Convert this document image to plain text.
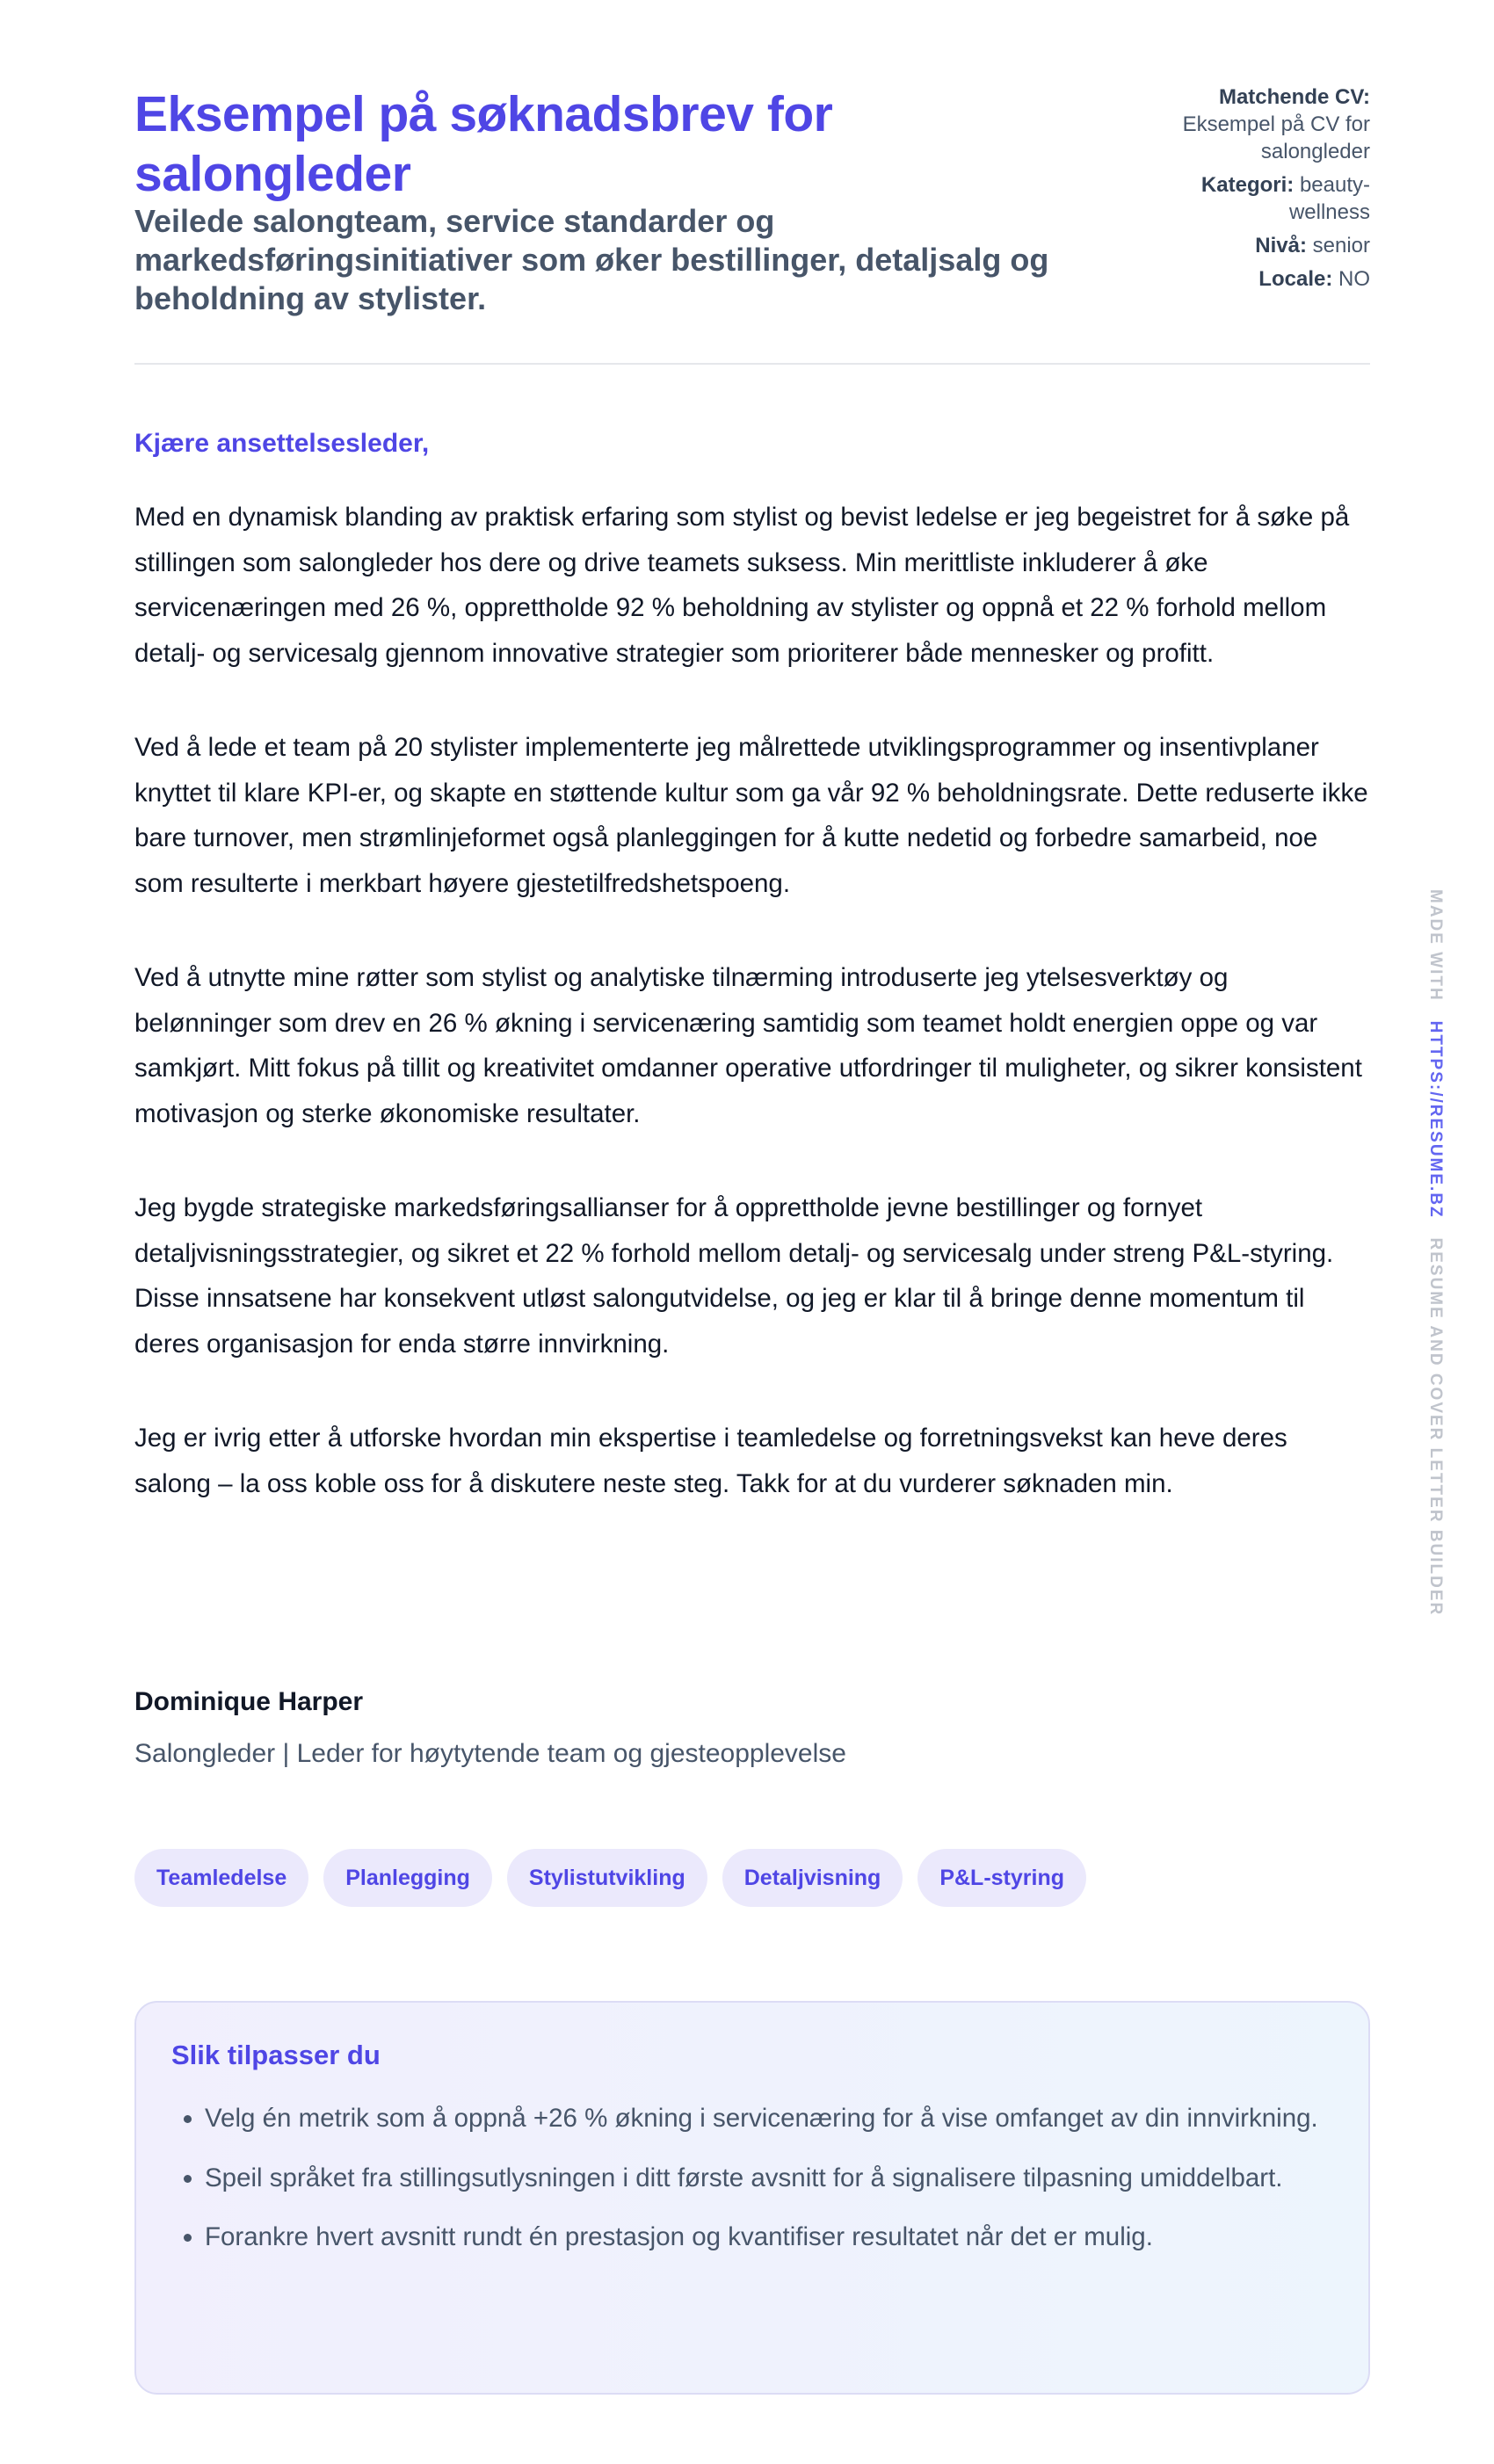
Eksempel på søknadsbrev for salongleder
Veilede salongteam, service standarder og markedsføringsinitiativer som øker bestillinger, detaljsalg og beholdning av stylister.
Matchende CV: Eksempel på CV for salongleder
Kategori: beauty-wellness
Nivå: senior
Locale: NO
Kjære ansettelsesleder,

Med en dynamisk blanding av praktisk erfaring som stylist og bevist ledelse er jeg begeistret for å søke på stillingen som salongleder hos dere og drive teamets suksess. Min merittliste inkluderer å øke servicenæringen med 26 %, opprettholde 92 % beholdning av stylister og oppnå et 22 % forhold mellom detalj- og servicesalg gjennom innovative strategier som prioriterer både mennesker og profitt.

Ved å lede et team på 20 stylister implementerte jeg målrettede utviklingsprogrammer og insentivplaner knyttet til klare KPI-er, og skapte en støttende kultur som ga vår 92 % beholdningsrate. Dette reduserte ikke bare turnover, men strømlinjeformet også planleggingen for å kutte nedetid og forbedre samarbeid, noe som resulterte i merkbart høyere gjestetilfredshetspoeng.

Ved å utnytte mine røtter som stylist og analytiske tilnærming introduserte jeg ytelsesverktøy og belønninger som drev en 26 % økning i servicenæring samtidig som teamet holdt energien oppe og var samkjørt. Mitt fokus på tillit og kreativitet omdanner operative utfordringer til muligheter, og sikrer konsistent motivasjon og sterke økonomiske resultater.

Jeg bygde strategiske markedsføringsallianser for å opprettholde jevne bestillinger og fornyet detaljvisningsstrategier, og sikret et 22 % forhold mellom detalj- og servicesalg under streng P&L-styring. Disse innsatsene har konsekvent utløst salongutvidelse, og jeg er klar til å bringe denne momentum til deres organisasjon for enda større innvirkning.

Jeg er ivrig etter å utforske hvordan min ekspertise i teamledelse og forretningsvekst kan heve deres salong – la oss koble oss for å diskutere neste steg. Takk for at du vurderer søknaden min.

Dominique Harper
Salongleder | Leder for høytytende team og gjesteopplevelse
Teamledelse	Planlegging	Stylistutvikling	Detaljvisning	P&L-styring
Slik tilpasser du
• Velg én metrik som å oppnå +26 % økning i servicenæring for å vise omfanget av din innvirkning.
• Speil språket fra stillingsutlysningen i ditt første avsnitt for å signalisere tilpasning umiddelbart.
• Forankre hvert avsnitt rundt én prestasjon og kvantifiser resultatet når det er mulig.
MADE WITH   HTTPS://RESUME.BZ   RESUME AND COVER LETTER BUILDER
